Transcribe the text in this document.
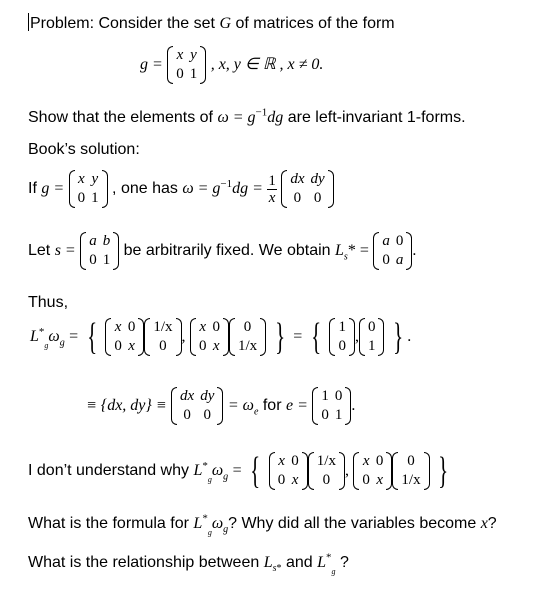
Problem: Consider the set G of matrices of the form
g =
x	y
0	1
, x, y ∈ ℝ , x ≠ 0.
Show that the elements of $\omega = g^{-1}dg$ are left-invariant 1-forms.
Book’s solution:
If g =
x	y
0	1
, one has $\omega = g^{-1}dg = \frac{1}{x}$
dx	dy
0	0
Let s =
a	b
0	1
be arbitrarily fixed. We obtain $L_s*$ =
a	0
0	a
.
Thus,
$L^*_g\omega_g$ = { x	0
0	x
1/x
0
,
x	0
0	x
0
1/x } = { 1
0
,
0
1 } .
≡ {dx, dy} ≡
dx	dy
0	0
= $\omega_e$ for e =
1	0
0	1
.
I don’t understand why $L^*_g\omega_g$ = { x	0
0	x
1/x
0
,
x	0
0	x
0
1/x }
What is the formula for $L^*_g\omega_g$? Why did all the variables become x?
What is the relationship between $L_{s*}$ and $L^*_g$ ?
